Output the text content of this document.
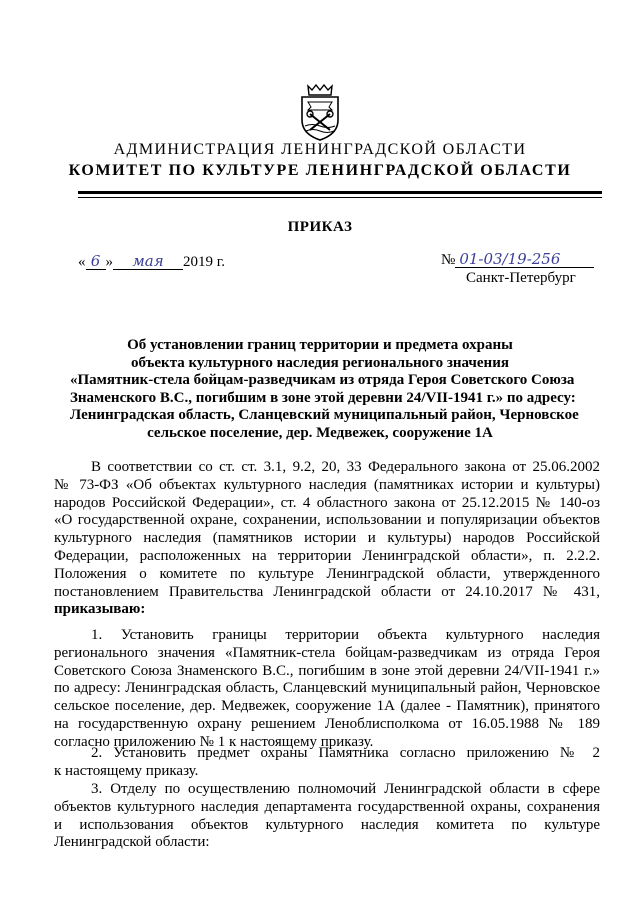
АДМИНИСТРАЦИЯ ЛЕНИНГРАДСКОЙ ОБЛАСТИ
КОМИТЕТ ПО КУЛЬТУРЕ ЛЕНИНГРАДСКОЙ ОБЛАСТИ
ПРИКАЗ
« 6 » мая 2019 г.	№ 01-03/19-256
Санкт-Петербург
Об установлении границ территории и предмета охраны
объекта культурного наследия регионального значения
«Памятник-стела бойцам-разведчикам из отряда Героя Советского Союза
Знаменского В.С., погибшим в зоне этой деревни 24/VII-1941 г.» по адресу:
Ленинградская область, Сланцевский муниципальный район, Черновское
сельское поселение, дер. Медвежек, сооружение 1А
В соответствии со ст. ст. 3.1, 9.2, 20, 33 Федерального закона от 25.06.2002
№ 73-ФЗ «Об объектах культурного наследия (памятниках истории и культуры)
народов Российской Федерации», ст. 4 областного закона от 25.12.2015 № 140-оз
«О государственной охране, сохранении, использовании и популяризации объектов
культурного наследия (памятников истории и культуры) народов Российской
Федерации, расположенных на территории Ленинградской области», п. 2.2.2.
Положения о комитете по культуре Ленинградской области, утвержденного
постановлением Правительства Ленинградской области от 24.10.2017 № 431,
приказываю:
1. Установить границы территории объекта культурного наследия
регионального значения «Памятник-стела бойцам-разведчикам из отряда Героя
Советского Союза Знаменского В.С., погибшим в зоне этой деревни 24/VII-1941 г.»
по адресу: Ленинградская область, Сланцевский муниципальный район, Черновское
сельское поселение, дер. Медвежек, сооружение 1А (далее - Памятник), принятого
на государственную охрану решением Леноблисполкома от 16.05.1988 № 189
согласно приложению № 1 к настоящему приказу.
2. Установить предмет охраны Памятника согласно приложению № 2
к настоящему приказу.
3. Отделу по осуществлению полномочий Ленинградской области в сфере
объектов культурного наследия департамента государственной охраны, сохранения
и использования объектов культурного наследия комитета по культуре
Ленинградской области:
